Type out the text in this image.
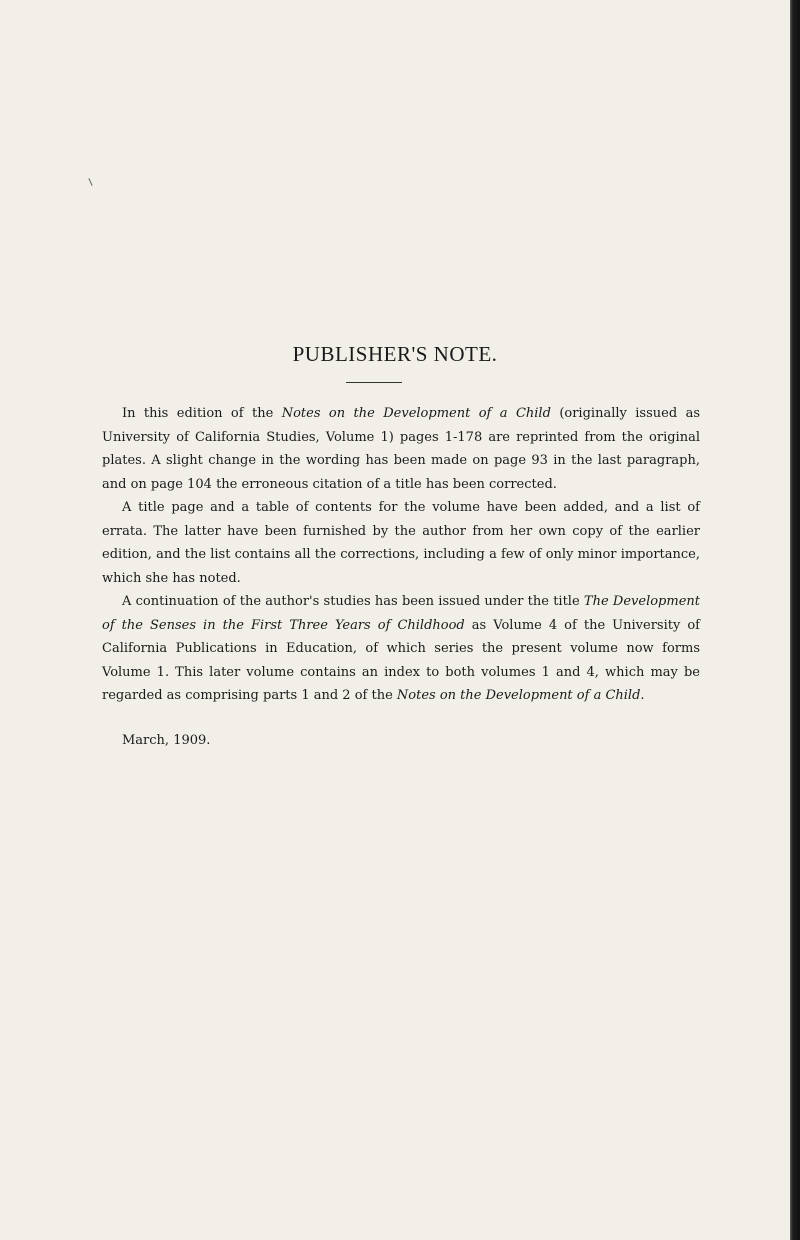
PUBLISHER'S NOTE.

In this edition of the Notes on the Development of a Child (originally issued as University of California Studies, Volume 1) pages 1-178 are reprinted from the original plates. A slight change in the wording has been made on page 93 in the last paragraph, and on page 104 the erroneous citation of a title has been corrected.

A title page and a table of contents for the volume have been added, and a list of errata. The latter have been furnished by the author from her own copy of the earlier edition, and the list contains all the corrections, including a few of only minor importance, which she has noted.

A continuation of the author's studies has been issued under the title The Development of the Senses in the First Three Years of Childhood as Volume 4 of the University of California Publications in Education, of which series the present volume now forms Volume 1. This later volume contains an index to both volumes 1 and 4, which may be regarded as comprising parts 1 and 2 of the Notes on the Development of a Child.

March, 1909.
